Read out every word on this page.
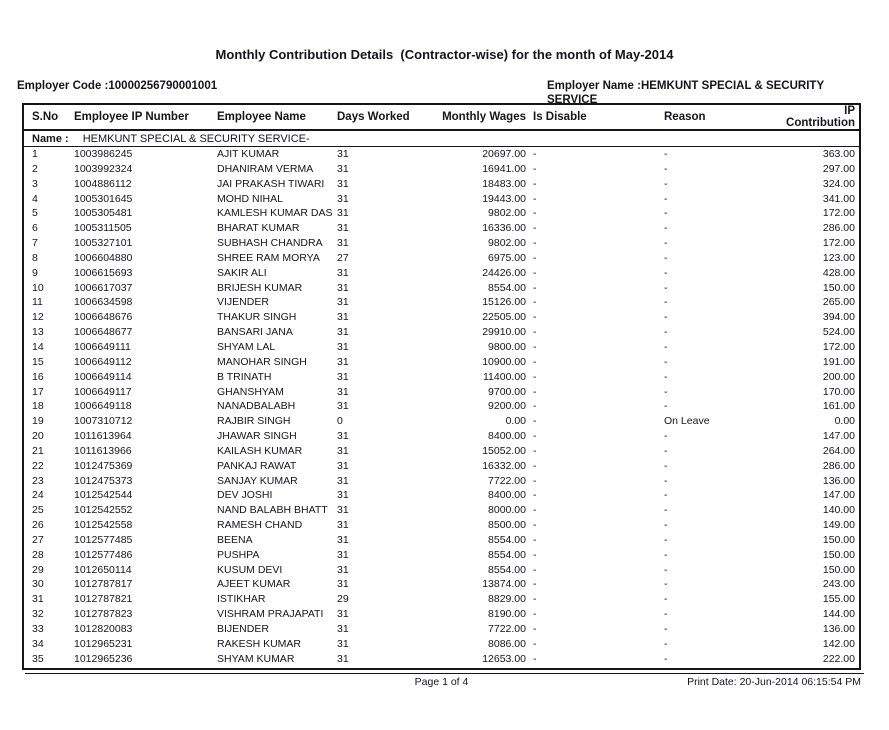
Monthly Contribution Details  (Contractor-wise) for the month of May-2014
Employer Code :10000256790001001	Employer Name :HEMKUNT SPECIAL & SECURITY SERVICE
S.No	Employee IP Number	Employee Name	Days Worked	Monthly Wages Is Disable	Reason	IP Contribution
Name : HEMKUNT SPECIAL & SECURITY SERVICE-
1	1003986245	AJIT KUMAR	31	20697.00 -	-	363.00
2	1003992324	DHANIRAM VERMA	31	16941.00 -	-	297.00
3	1004886112	JAI PRAKASH TIWARI	31	18483.00 -	-	324.00
4	1005301645	MOHD NIHAL	31	19443.00 -	-	341.00
5	1005305481	KAMLESH KUMAR DAS 31	9802.00 -	-	172.00
6	1005311505	BHARAT KUMAR	31	16336.00 -	-	286.00
7	1005327101	SUBHASH CHANDRA	31	9802.00 -	-	172.00
8	1006604880	SHREE RAM MORYA	27	6975.00 -	-	123.00
9	1006615693	SAKIR ALI	31	24426.00 -	-	428.00
10	1006617037	BRIJESH KUMAR	31	8554.00 -	-	150.00
11	1006634598	VIJENDER	31	15126.00 -	-	265.00
12	1006648676	THAKUR SINGH	31	22505.00 -	-	394.00
13	1006648677	BANSARI JANA	31	29910.00 -	-	524.00
14	1006649111	SHYAM LAL	31	9800.00 -	-	172.00
15	1006649112	MANOHAR SINGH	31	10900.00 -	-	191.00
16	1006649114	B TRINATH	31	11400.00 -	-	200.00
17	1006649117	GHANSHYAM	31	9700.00 -	-	170.00
18	1006649118	NANADBALABH	31	9200.00 -	-	161.00
19	1007310712	RAJBIR SINGH	0	0.00 -	On Leave	0.00
20	1011613964	JHAWAR SINGH	31	8400.00 -	-	147.00
21	1011613966	KAILASH KUMAR	31	15052.00 -	-	264.00
22	1012475369	PANKAJ RAWAT	31	16332.00 -	-	286.00
23	1012475373	SANJAY KUMAR	31	7722.00 -	-	136.00
24	1012542544	DEV JOSHI	31	8400.00 -	-	147.00
25	1012542552	NAND BALABH BHATT 31	8000.00 -	-	140.00
26	1012542558	RAMESH CHAND	31	8500.00 -	-	149.00
27	1012577485	BEENA	31	8554.00 -	-	150.00
28	1012577486	PUSHPA	31	8554.00 -	-	150.00
29	1012650114	KUSUM DEVI	31	8554.00 -	-	150.00
30	1012787817	AJEET KUMAR	31	13874.00 -	-	243.00
31	1012787821	ISTIKHAR	29	8829.00 -	-	155.00
32	1012787823	VISHRAM PRAJAPATI	31	8190.00 -	-	144.00
33	1012820083	BIJENDER	31	7722.00 -	-	136.00
34	1012965231	RAKESH KUMAR	31	8086.00 -	-	142.00
35	1012965236	SHYAM KUMAR	31	12653.00 -	-	222.00
Page 1 of 4	Print Date: 20-Jun-2014 06:15:54 PM
